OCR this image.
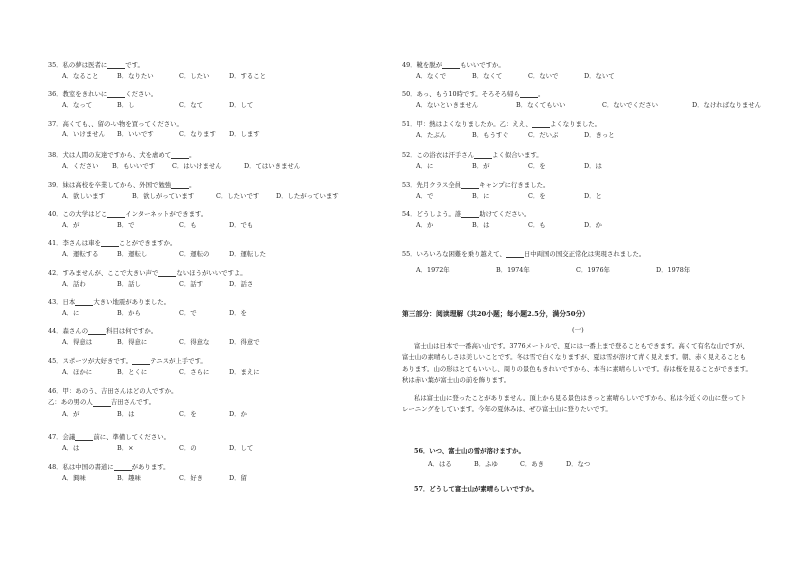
35．私の夢は医者に	です。
A．なること	B．なりたい	C．したい	D．すること
36．教室をきれいに	ください。
A．なって	B．し	C．なて	D．して
37．高くても、、留の-い物を買ってください。
A．いけません B．いいです	C．なります D．します
38．犬は人間の友達ですから、犬を虐めて	。
A．ください B．もいいです	C．はいけません	D．てはいきません
39．妹は高校を卒業してから、外国で勉強	。
A．欲しいます	B．欲しがっています	C．したいです	D．したがっています
40．この大学はどこ	インターネットができます。
A．が	B．で	C．も	D．でも
41．李さんは車を	ことができますか。
A．運転する	B．運転し	C．運転の	D．運転した
42．すみませんが、ここで大きい声で	ないほうがいいですよ。
A．話わ	B．話し	C．話す	D．話さ
43．日本	大きい地震がありました。
A．に	B．から	C．で	D．を
44．森さんの	科目は何ですか。
A．得意は	B．得意に	C．得意な	D．得意で
45．スポーツが大好きです。	テニスが上手です。
A．ほかに	B．とくに	C．さらに	D．まえに
46．甲：あのう、吉田さんはどの人ですか。
乙：あの男の人	吉田さんです。
A．が	B．は	C．を	D．か
47．会議	前に、準備してください。
A．は	B．×	C．の	D．して
48．私は中国の書道に	があります。
A．興味	B．趣味	C．好き	D．留
第三部分：阅读理解（共20小题；每小题2.5分，满分50分）
(一)

富士山は日本で一番高い山です。3776メートルで、夏には一番上まで登ることもできます。高くて有名な山ですが、富士山の素晴らしさは美しいことです。冬は雪で白くなりますが、夏は雪が溶けて青く見えます。朝、赤く見えることもあります。山の形はとてもいいし、周りの景色もきれいですから、本当に素晴らしいです。春は桜を見ることができます。秋は赤い葉が富士山の前を飾ります。

私は富士山に登ったことがありません。頂上から見る景色はきっと素晴らしいですから、私は今近くの山に登ってトレーニングをしています。今年の夏休みは、ぜひ富士山に登りたいです。

49．靴を脱が	もいいですか。
A．なくで	B．なくて	C．ないで	D．ないて
50．あっ、もう10時です。そろそろ帰ら	。
A．ないといきません	B．なくてもいい	C．ないでください	D．なければなりません
51．甲：熱はよくなりましたか。乙：ええ、	よくなりました。
A．たぶん	B．もうすぐ	C．だいぶ	D．きっと
52．この浴衣は汗手さん	よく似合います。
A．に	B．が	C．を	D．は
53．先月クラス全員	キャンプに行きました。
A．で	B．に	C．を	D．と
54．どうしよう。誰	助けてください。
A．か	B．は	C．も	D．か
55．いろいろな困難を乗り越えて、	日中両国の国交正常化は実現されました。
A．1972年	B．1974年	C．1976年	D．1978年
56．いつ、富士山の雪が溶けますか。
A．はる	B．ふゆ	C．あき	D．なつ
57．どうして富士山が素晴らしいですか。
